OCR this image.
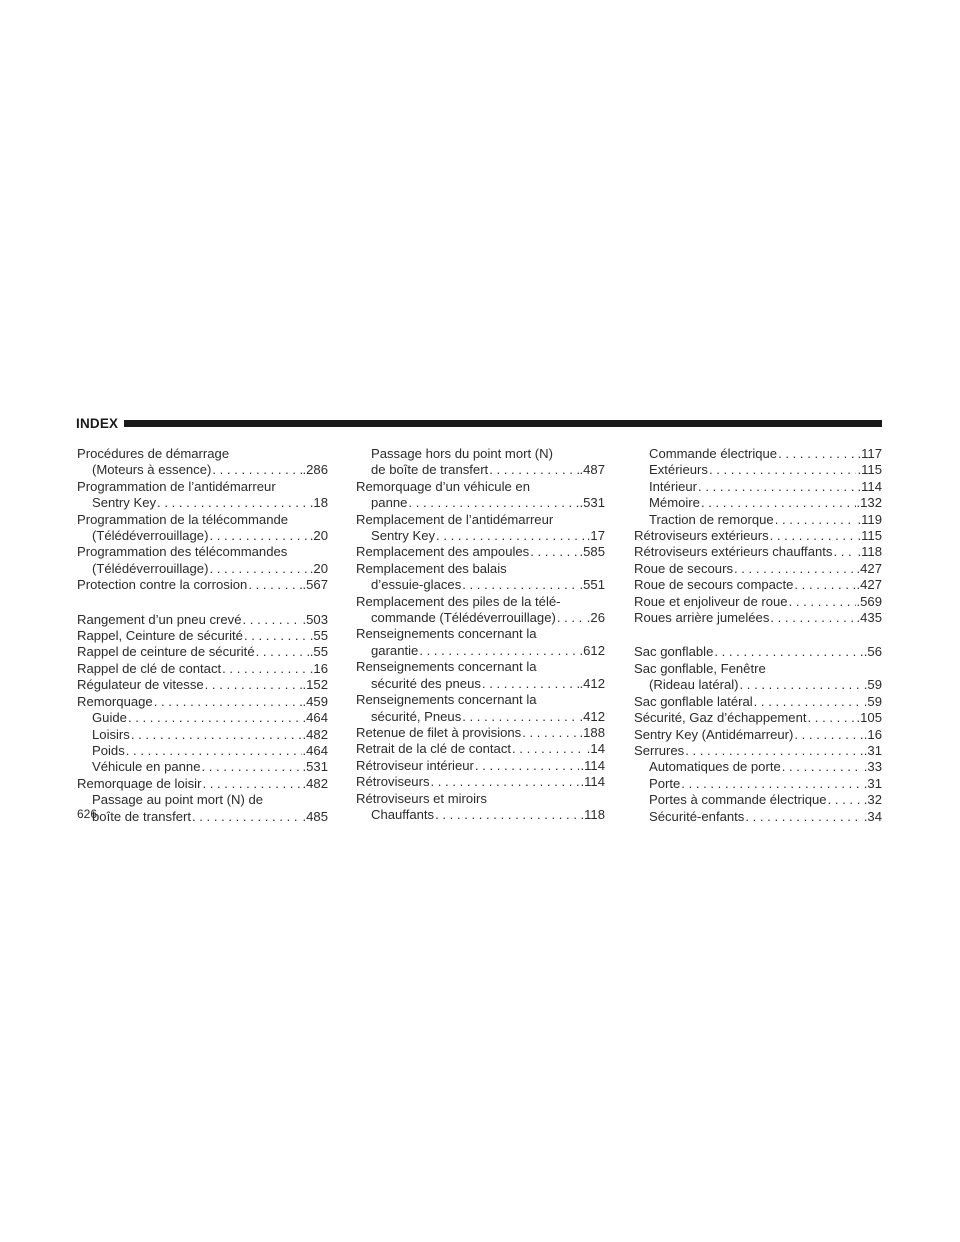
INDEX
Procédures de démarrage
(Moteurs à essence) . . .	.286
Programmation de l’antidémarreur
Sentry Key . . .	.18
Programmation de la télécommande
(Télédéverrouillage) . . .	.20
Programmation des télécommandes
(Télédéverrouillage) . . .	.20
Protection contre la corrosion . . .	.567
Rangement d’un pneu crevé . . .	.503
Rappel, Ceinture de sécurité . . .	.55
Rappel de ceinture de sécurité . . .	.55
Rappel de clé de contact . . .	.16
Régulateur de vitesse . . .	.152
Remorquage . . .	.459
Guide . . .	.464
Loisirs . . .	.482
Poids . . .	.464
Véhicule en panne . . .	.531
Remorquage de loisir . . .	.482
Passage au point mort (N) de
boîte de transfert . . .	.485
Passage hors du point mort (N)
de boîte de transfert . . .	.487
Remorquage d’un véhicule en
panne . . .	.531
Remplacement de l’antidémarreur
Sentry Key . . .	.17
Remplacement des ampoules . . .	.585
Remplacement des balais
d’essuie-glaces . . .	.551
Remplacement des piles de la télé-
commande (Télédéverrouillage) . . . .26
Renseignements concernant la
garantie . . .	.612
Renseignements concernant la
sécurité des pneus . . .	.412
Renseignements concernant la
sécurité, Pneus . . .	.412
Retenue de filet à provisions . . .	.188
Retrait de la clé de contact . . .	.14
Rétroviseur intérieur . . .	.114
Rétroviseurs . . .	.114
Rétroviseurs et miroirs
Chauffants . . .	.118
Commande électrique . . .	.117
Extérieurs . . .	.115
Intérieur . . .	.114
Mémoire . . .	.132
Traction de remorque . . .	.119
Rétroviseurs extérieurs . . .	.115
Rétroviseurs extérieurs chauffants . . . .118
Roue de secours . . .	.427
Roue de secours compacte . . .	.427
Roue et enjoliveur de roue . . .	.569
Roues arrière jumelées . . .	.435
Sac gonflable . . .	.56
Sac gonflable, Fenêtre
(Rideau latéral) . . .	.59
Sac gonflable latéral . . .	.59
Sécurité, Gaz d’échappement . . .	.105
Sentry Key (Antidémarreur) . . .	.16
Serrures . . .	.31
Automatiques de porte . . .	.33
Porte . . .	.31
Portes à commande électrique . . .	.32
Sécurité-enfants . . .	.34
626
